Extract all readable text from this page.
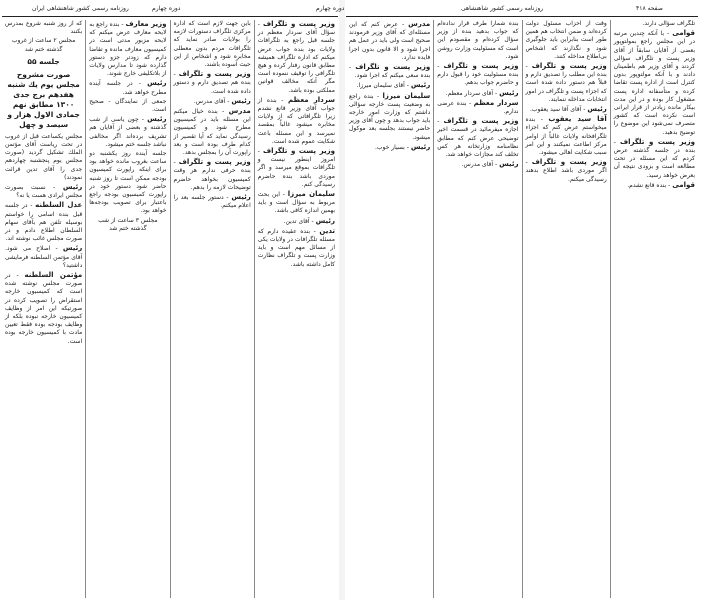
روزنامه رسمی کشور شاهنشاهی ایران	دوره چهارم
وزیر پست و تلگراف - سؤال آقای سردار معظم در جلسه قبل راجع به تلگرافات ولایات بود بنده جواب عرض میکنم که اداره تلگراف همیشه مطابق قانون رفتار کرده و هیچ تلگرافی را توقیف ننموده است مگر آنکه مخالف قوانین مملکتی بوده باشد.
سردار معظم - بنده از جواب آقای وزیر قانع نشدم زیرا تلگرافاتی که از ولایات مخابره میشود غالباً بمقصد نمیرسد و این مسئله باعث شکایت عموم شده است.
وزیر پست و تلگراف - امروز اینطور نیست و تلگرافات بموقع میرسد و اگر موردی باشد بنده حاضرم رسیدگی کنم.
سلیمان میرزا - این بحث مربوط به سؤال است و باید بهمین اندازه کافی باشد.
رئیس - آقای تدین.
تدین - بنده عقیده دارم که مسئله تلگرافات در ولایات یکی از مسائل مهم است و باید وزارت پست و تلگراف نظارت کامل داشته باشد.
باین جهت لازم است که اداره مرکزی تلگراف دستورات لازمه را بولایات صادر نماید که تلگرافات مردم بدون معطلی مخابره شود و اشخاص از این حیث آسوده باشند.
وزیر پست و تلگراف - بنده هم تصدیق دارم و دستور داده شده است.
رئیس - آقای مدرس.
مدرس - بنده خیال میکنم این مسئله باید در کمیسیون مطرح شود و کمیسیون رسیدگی نماید که آیا تقصیر از کدام طرف بوده است و بعد راپورت آن را بمجلس بدهد.
وزیر پست و تلگراف - بنده حرفی ندارم هر وقت کمیسیون بخواهد حاضرم توضیحات لازمه را بدهم.
رئیس - دستور جلسه بعد را اعلام میکنم.
وزیر معارف - بنده راجع به لایحه معارف عرض میکنم که لایحه مزبور مدتی است در کمیسیون معارف مانده و تقاضا دارم که زودتر جزو دستور گذارده شود تا مدارس ولایات از بلاتکلیفی خارج شوند.
رئیس - در جلسه آینده مطرح خواهد شد.
جمعی از نمایندگان - صحیح است.
رئیس - چون یاسی از شب گذشته و بعضی از آقایان هم تشریف برده‌اند اگر مخالفی نباشد جلسه ختم میشود.
جلسه آینده روز یکشنبه دو ساعت بغروب مانده خواهد بود برای اینکه راپورت کمیسیون بودجه ممکن است تا روز شنبه حاضر شود دستور خود در راپورت کمیسیون بودجه راجع باعتبار برای تصویب بودجه‌ها خواهد بود.
مجلس ۳ ساعت از شب گذشته ختم شد
که از روز شنبه شروع بمدرس بکنند
مجلس ۲ ساعت از غروب گذشته ختم شد
جلسه ۵۵
صورت مشروح مجلس یوم یك شنبه هفدهم برج جدی ۱۳۰۰ مطابق نهم جمادی الاول هزار و سیصد و چهل
مجلس یکساعت قبل از غروب در تحت ریاست آقای مؤتمن الملك تشکیل گردید (صورت مجلس یوم پنجشنبه چهاردهم جدی را آقای تدین قرائت نمودند)
رئیس - نسبت بصورت مجلس ایرادی هست یا نه؟
عدل السلطنه - در جلسه قبل بنده اسامی را خواستم بوسیله تلفن هم بآقای سهام السلطان اطلاع دادم و در صورت مجلس غائب نوشته اند.
رئیس - اصلاح می شود. آقای مؤتمن السلطنه فرمایشی داشتید؟
مؤتمن السلطنه - در صورت مجلس نوشته شده است که کمیسیون خارجه استقراض را تصویب کرده در صورتیکه این امر از وظایف کمیسیون خارجه نبوده بلکه از وظایف بودجه بوده فقط تعیین مادت با کمیسیون خارجه بوده است.
دوره چهارم	روزنامه رسمی کشور شاهنشاهی	صفحه ۴۱۸
تلگراف سؤالی دارند.
قوامی - با آنکه چندین مرتبه در این مجلس راجع بمولتوپور بعضی از آقایان سابقاً از آقای وزیر پست و تلگراف سؤالی کردند و آقای وزیر هم باطمینان دادند و با آنکه مولتوپور بدون کنترل است از اداره پست تقاضا کرده و متأسفانه اداره پست مشغول کار بوده و در این مدت بیکار مانده زیادتر از قرار ایرانی است نکرده است که کشور متصرف نمی‌شود این موضوع را توضیح بدهید.
وزیر پست و تلگراف - بنده در جلسه گذشته عرض کردم که این مسئله در تحت مطالعه است و بزودی نتیجه آن بعرض خواهد رسید.
قوامی - بنده قانع نشدم.
وقت از احزاب مسئول دولت کرده‌اند و ضمن انتخاب هم همین طور است بنابراین باید جلوگیری شود و نگذارند که اشخاص بی‌اطلاع مداخله کنند.
وزیر پست و تلگراف - بنده این مطلب را تصدیق دارم و قبلاً هم دستور داده شده است که اجزاء پست و تلگراف در امور انتخابات مداخله ننمایند.
رئیس - آقای آقا سید یعقوب.
آقا سید یعقوب - بنده میخواستم عرض کنم که اجزاء تلگرافخانه ولایات غالباً از اوامر مرکز اطاعت نمیکنند و این امر سبب شکایت اهالی میشود.
وزیر پست و تلگراف - اگر موردی باشد اطلاع بدهند رسیدگی میکنم.
بنده شمارا طرف قرار نداده‌ام که جواب بدهید بنده از وزیر سؤال کرده‌ام و مقصودم این است که مسئولیت وزارت روشن شود.
وزیر پست و تلگراف - بنده مسئولیت خود را قبول دارم و حاضرم جواب بدهم.
رئیس - آقای سردار معظم.
سردار معظم - بنده عرضی ندارم.
وزیر پست و تلگراف - اجازه میفرمائید در قسمت اخیر توضیحی عرض کنم که مطابق نظامنامه وزارتخانه هر کس تخلف کند مجازات خواهد شد.
رئیس - آقای مدرس.
مدرس - عرض کنم که این مسئله‌ای که آقای وزیر فرمودند صحیح است ولی باید در عمل هم اجرا شود و الا قانون بدون اجرا فایده ندارد.
وزیر پست و تلگراف - بنده سعی میکنم که اجرا شود.
رئیس - آقای سلیمان میرزا.
سلیمان میرزا - بنده راجع به وضعیت پست خارجه سؤالی داشتم که وزارت امور خارجه باید جواب بدهد و چون آقای وزیر حاضر نیستند بجلسه بعد موکول میشود.
رئیس - بسیار خوب.
